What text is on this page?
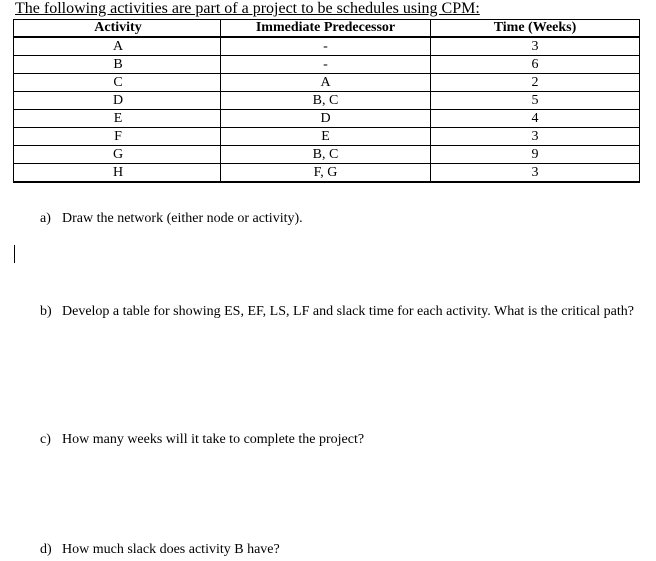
The following activities are part of a project to be schedules using CPM:
Activity	Immediate Predecessor	Time (Weeks)
A	-	3
B	-	6
C	A	2
D	B, C	5
E	D	4
F	E	3
G	B, C	9
H	F, G	3
a) Draw the network (either node or activity).
b) Develop a table for showing ES, EF, LS, LF and slack time for each activity. What is the critical path?
c) How many weeks will it take to complete the project?
d) How much slack does activity B have?
